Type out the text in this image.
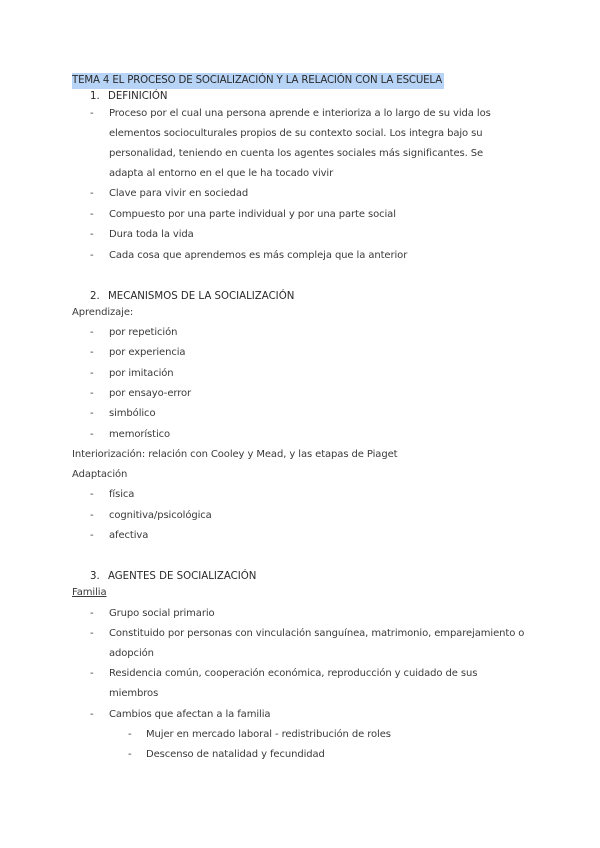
TEMA 4 EL PROCESO DE SOCIALIZACIÓN Y LA RELACIÓN CON LA ESCUELA
1. DEFINICIÓN
- Proceso por el cual una persona aprende e interioriza a lo largo de su vida los
elementos socioculturales propios de su contexto social. Los integra bajo su
personalidad, teniendo en cuenta los agentes sociales más significantes. Se
adapta al entorno en el que le ha tocado vivir
- Clave para vivir en sociedad
- Compuesto por una parte individual y por una parte social
- Dura toda la vida
- Cada cosa que aprendemos es más compleja que la anterior
2. MECANISMOS DE LA SOCIALIZACIÓN
Aprendizaje:
- por repetición
- por experiencia
- por imitación
- por ensayo-error
- simbólico
- memorístico
Interiorización: relación con Cooley y Mead, y las etapas de Piaget
Adaptación
- física
- cognitiva/psicológica
- afectiva
3. AGENTES DE SOCIALIZACIÓN
Familia
- Grupo social primario
- Constituido por personas con vinculación sanguínea, matrimonio, emparejamiento o
adopción
- Residencia común, cooperación económica, reproducción y cuidado de sus
miembros
- Cambios que afectan a la familia
- Mujer en mercado laboral - redistribución de roles
- Descenso de natalidad y fecundidad
